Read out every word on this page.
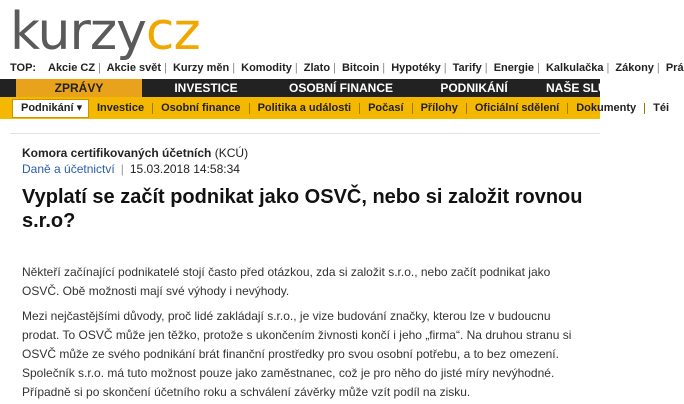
kurzycz
TOP: Akcie CZ | Akcie svět | Kurzy měn | Komodity | Zlato | Bitcoin | Hypotéky | Tarify | Energie | Kalkulačka | Zákony | Prá
ZPRÁVY	INVESTICE	OSOBNÍ FINANCE	PODNIKÁNÍ	NAŠE SLU
Podnikání ▾	Investice Osobní finance Politika a události Počasí Přílohy Oficiální sdělení Dokumenty Téi
Komora certifikovaných účetních (KCÚ)
Daně a účetnictví | 15.03.2018 14:58:34
Vyplatí se začít podnikat jako OSVČ, nebo si založit rovnou s.r.o?

Někteří začínající podnikatelé stojí často před otázkou, zda si založit s.r.o., nebo začít podnikat jako OSVČ. Obě možnosti mají své výhody i nevýhody.

Mezi nejčastějšími důvody, proč lidé zakládají s.r.o., je vize budování značky, kterou lze v budoucnu prodat. To OSVČ může jen těžko, protože s ukončením živnosti končí i jeho „firma“. Na druhou stranu si OSVČ může ze svého podnikání brát finanční prostředky pro svou osobní potřebu, a to bez omezení. Společník s.r.o. má tuto možnost pouze jako zaměstnanec, což je pro něho do jisté míry nevýhodné. Případně si po skončení účetního roku a schválení závěrky může vzít podíl na zisku.
